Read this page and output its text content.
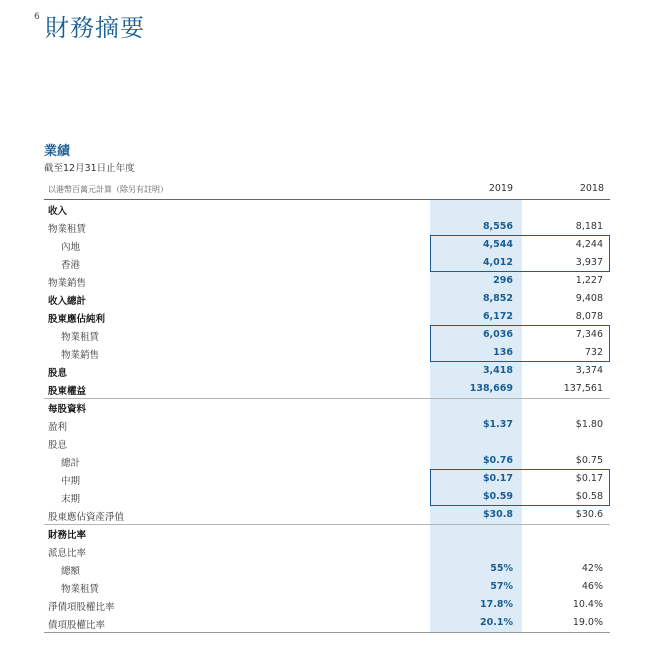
6 財務摘要
業績
截至12月31日止年度
以港幣百萬元計算（除另有註明）	2019	2018
收入
物業租賃	8,556	8,181
內地	4,544	4,244
香港	4,012	3,937
物業銷售	296	1,227
收入總計	8,852	9,408
股東應佔純利	6,172	8,078
物業租賃	6,036	7,346
物業銷售	136	732
股息	3,418	3,374
股東權益	138,669	137,561
每股資料
盈利	$1.37	$1.80
股息
總計	$0.76	$0.75
中期	$0.17	$0.17
末期	$0.59	$0.58
股東應佔資產淨值	$30.8	$30.6
財務比率
派息比率
總額	55%	42%
物業租賃	57%	46%
淨債項股權比率	17.8%	10.4%
債項股權比率	20.1%	19.0%
